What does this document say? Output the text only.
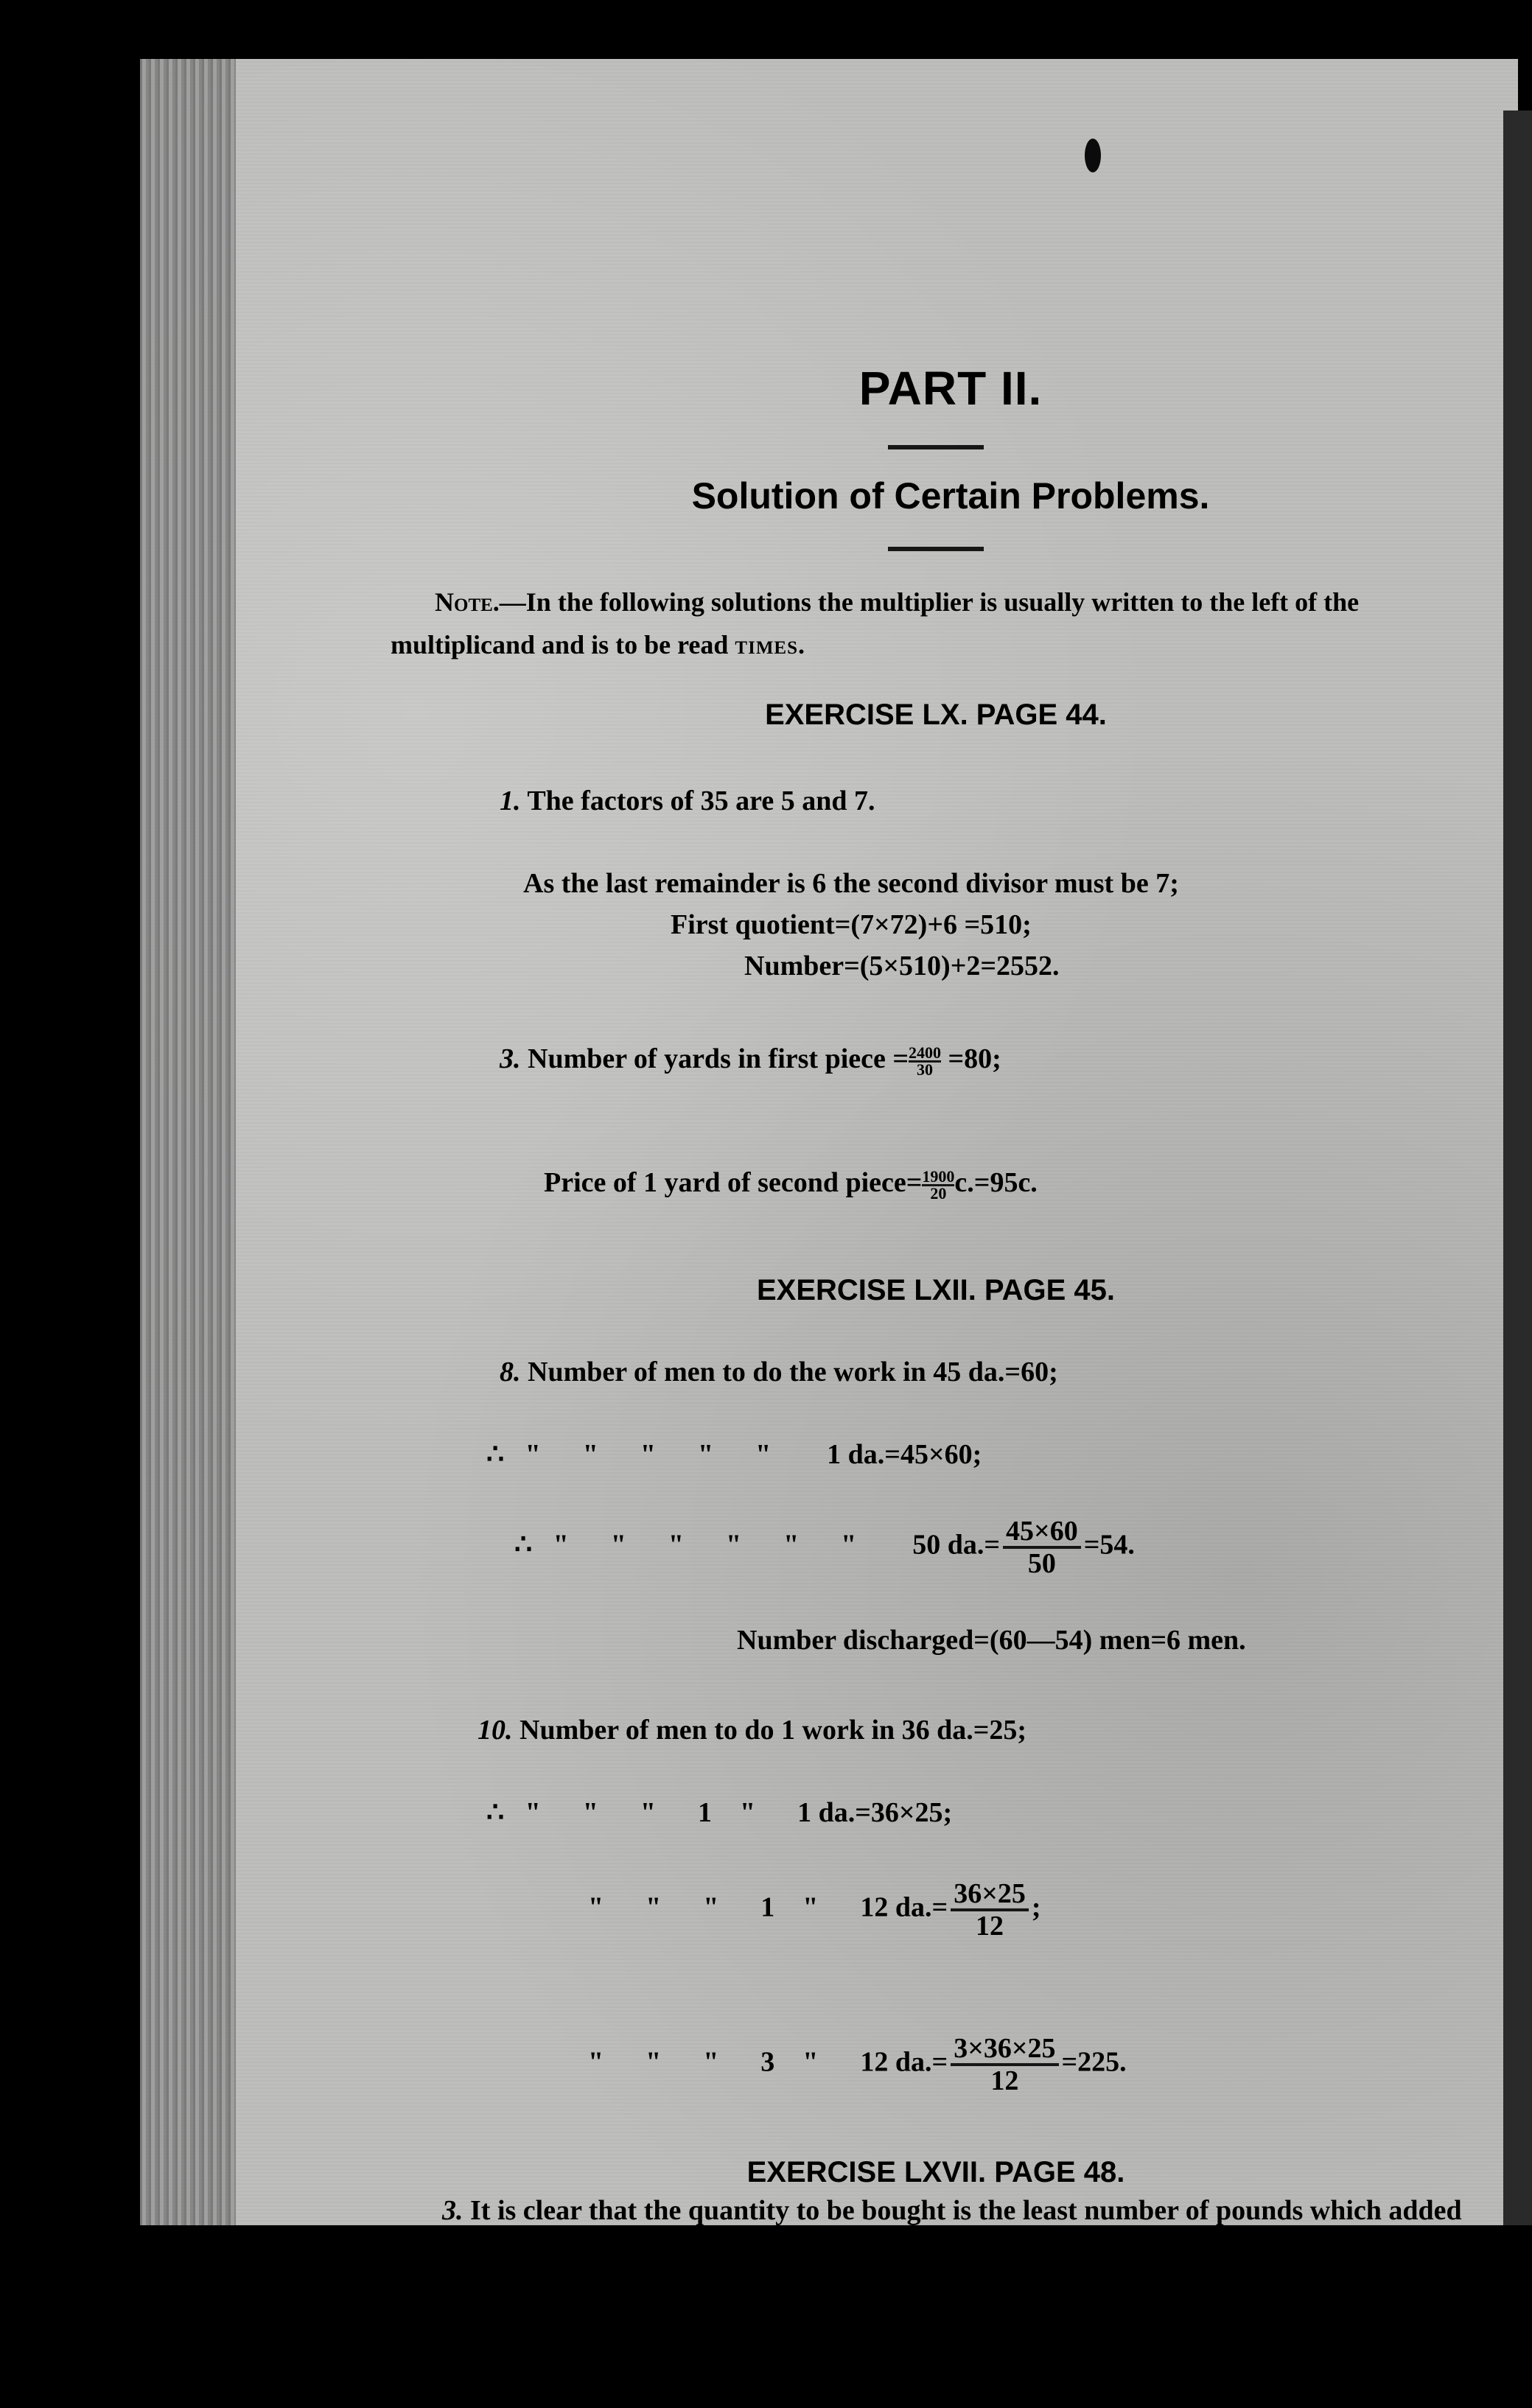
PART II.
Solution of Certain Problems.

Note.—In the following solutions the multiplier is usually written to the left of the multiplicand and is to be read times.

EXERCISE LX. PAGE 44.

1. The factors of 35 are 5 and 7.

As the last remainder is 6 the second divisor must be 7;

First quotient=(7×72)+6 =510;

Number=(5×510)+2=2552.

3. Number of yards in first piece = $\frac{2400}{30} =80$;

Price of 1 yard of second piece= $\frac{1900}{20} c.=95c$.

EXERCISE LXII. PAGE 45.

8. Number of men to do the work in 45 da.=60;

∴   "      "      "      "      "        1 da.=45×60;

∴   "      "      "      "      "      "        50 $da.= \frac{45\times 60}{50} =54$.

Number discharged=(60—54) men=6 men.

10. Number of men to do 1 work in 36 da.=25;

∴   "      "      "      1    "      1 da.=36×25;

"      "      "      1    "      12 $da.= \frac{36\times 25}{12}$ ;

"      "      "      3    "      12 $da.= \frac{3\times 36\times 25}{12} =225$.

EXERCISE LXVII. PAGE 48.

3. It is clear that the quantity to be bought is the least number of pounds which added to 17385 pounds will make the result contain 68 pounds.

17385÷68=255 and 45 remainder.

Quantity to be bought=(68—45) lb.=23 lb.

46
